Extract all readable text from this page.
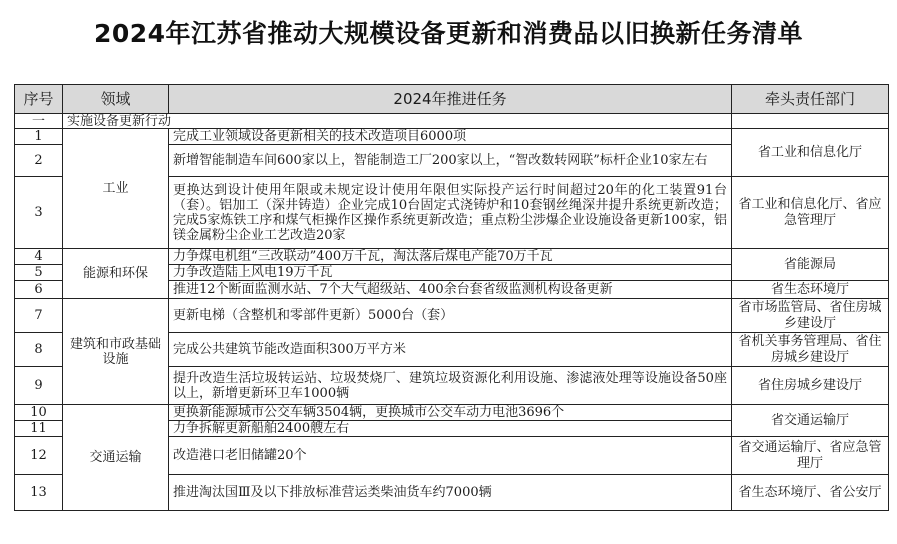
2024年江苏省推动大规模设备更新和消费品以旧换新任务清单
序号	领域	2024年推进任务	牵头责任部门
一	实施设备更新行动		
1	工业	完成工业领域设备更新相关的技术改造项目6000项	省工业和信息化厅
2		新增智能制造车间600家以上，智能制造工厂200家以上，“智改数转网联”标杆企业10家左右	
3		更换达到设计使用年限或未规定设计使用年限但实际投产运行时间超过20年的化工装置91台（套）。铝加工（深井铸造）企业完成10台固定式浇铸炉和10套钢丝绳深井提升系统更新改造；完成5家炼铁工序和煤气柜操作区操作系统更新改造；重点粉尘涉爆企业设施设备更新100家，铝镁金属粉尘企业工艺改造20家	省工业和信息化厅、省应急管理厅
4	能源和环保	力争煤电机组“三改联动”400万千瓦，淘汰落后煤电产能70万千瓦	省能源局
5		力争改造陆上风电19万千瓦	
6		推进12个断面监测水站、7个大气超级站、400余台套省级监测机构设备更新	省生态环境厅
7	建筑和市政基础设施	更新电梯（含整机和零部件更新）5000台（套）	省市场监管局、省住房城乡建设厅
8		完成公共建筑节能改造面积300万平方米	省机关事务管理局、省住房城乡建设厅
9		提升改造生活垃圾转运站、垃圾焚烧厂、建筑垃圾资源化利用设施、渗滤液处理等设施设备50座以上，新增更新环卫车1000辆	省住房城乡建设厅
10	交通运输	更换新能源城市公交车辆3504辆，更换城市公交车动力电池3696个	省交通运输厅
11		力争拆解更新船舶2400艘左右	
12		改造港口老旧储罐20个	省交通运输厅、省应急管理厅
13		推进淘汰国Ⅲ及以下排放标准营运类柴油货车约7000辆	省生态环境厅、省公安厅
